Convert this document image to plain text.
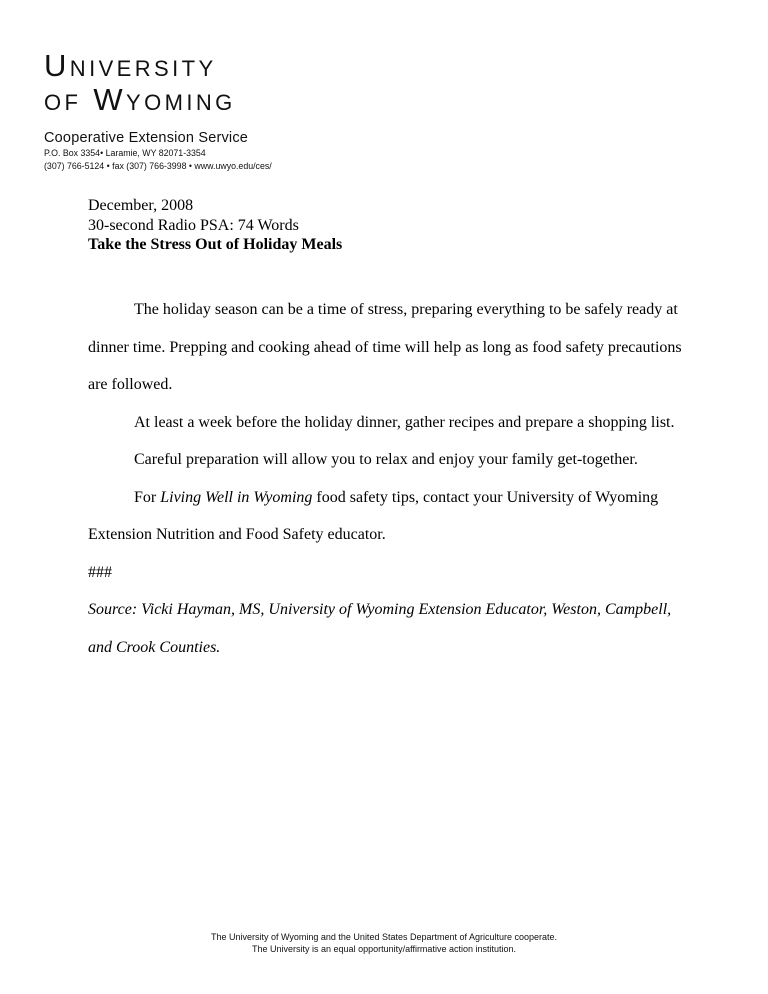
University
of Wyoming
Cooperative Extension Service
P.O. Box 3354• Laramie, WY 82071-3354
(307) 766-5124 • fax (307) 766-3998 • www.uwyo.edu/ces/

December, 2008

30-second Radio PSA: 74 Words

Take the Stress Out of Holiday Meals

The holiday season can be a time of stress, preparing everything to be safely ready at dinner time. Prepping and cooking ahead of time will help as long as food safety precautions are followed.

At least a week before the holiday dinner, gather recipes and prepare a shopping list.

Careful preparation will allow you to relax and enjoy your family get-together.

For Living Well in Wyoming food safety tips, contact your University of Wyoming Extension Nutrition and Food Safety educator.

###

Source: Vicki Hayman, MS, University of Wyoming Extension Educator, Weston, Campbell, and Crook Counties.

The University of Wyoming and the United States Department of Agriculture cooperate.
The University is an equal opportunity/affirmative action institution.
